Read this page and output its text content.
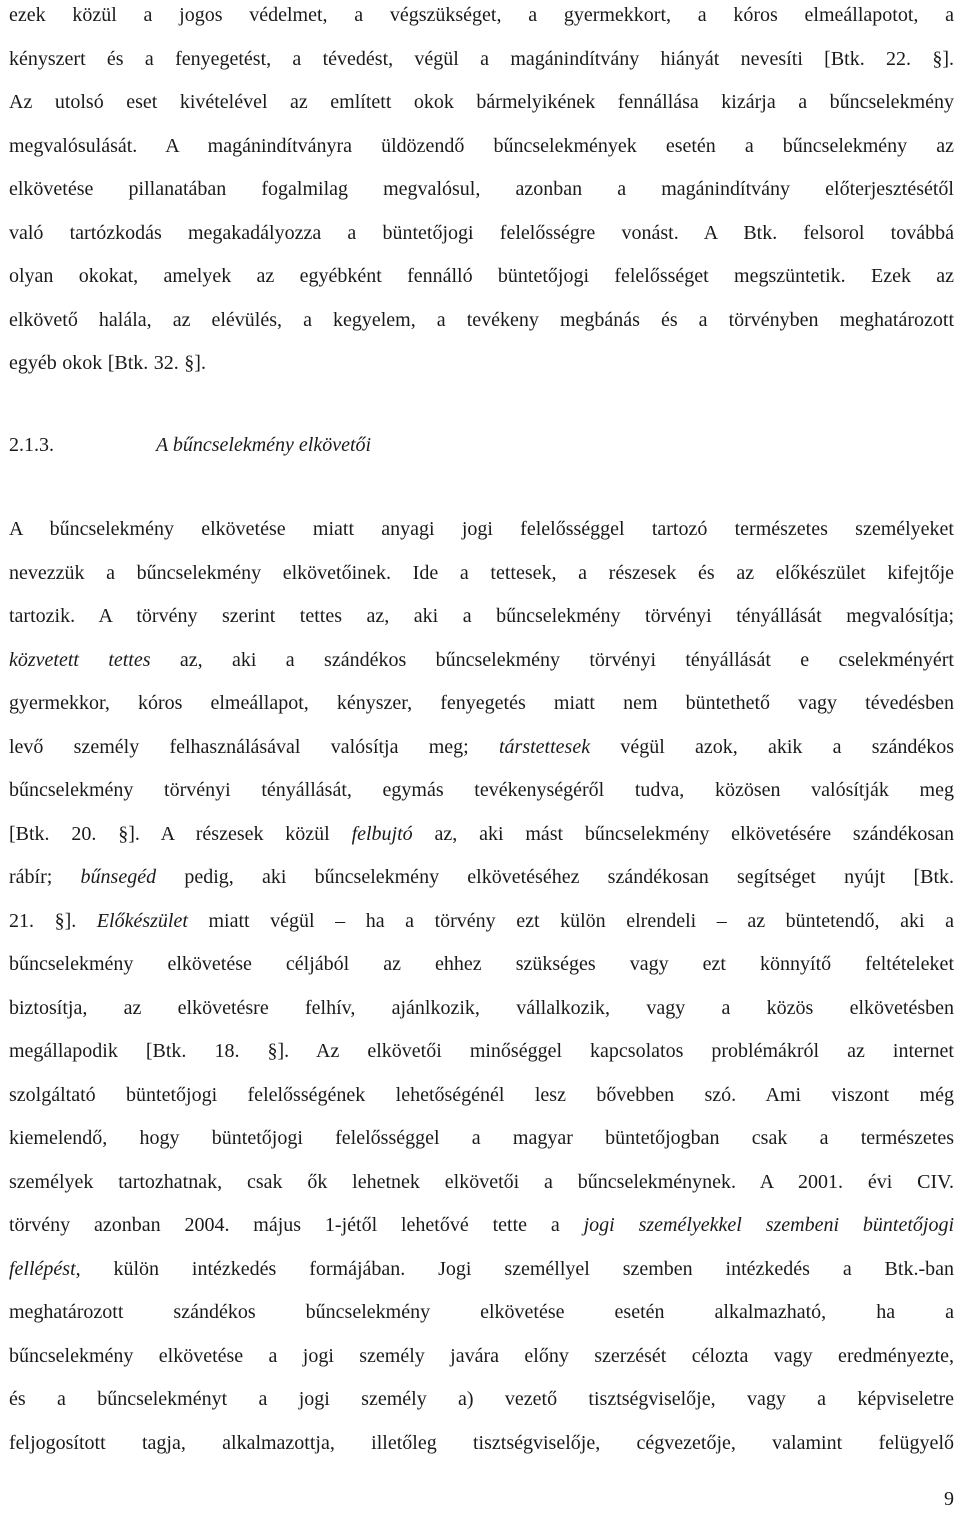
ezek közül a jogos védelmet, a végszükséget, a gyermekkort, a kóros elmeállapotot, a
kényszert és a fenyegetést, a tévedést, végül a magánindítvány hiányát nevesíti [Btk. 22. §].
Az utolsó eset kivételével az említett okok bármelyikének fennállása kizárja a bűncselekmény
megvalósulását. A magánindítványra üldözendő bűncselekmények esetén a bűncselekmény az
elkövetése pillanatában fogalmilag megvalósul, azonban a magánindítvány előterjesztésétől
való tartózkodás megakadályozza a büntetőjogi felelősségre vonást. A Btk. felsorol továbbá
olyan okokat, amelyek az egyébként fennálló büntetőjogi felelősséget megszüntetik. Ezek az
elkövető halála, az elévülés, a kegyelem, a tevékeny megbánás és a törvényben meghatározott
egyéb okok [Btk. 32. §].
2.1.3.	A bűncselekmény elkövetői
A bűncselekmény elkövetése miatt anyagi jogi felelősséggel tartozó természetes személyeket
nevezzük a bűncselekmény elkövetőinek. Ide a tettesek, a részesek és az előkészület kifejtője
tartozik. A törvény szerint tettes az, aki a bűncselekmény törvényi tényállását megvalósítja;
közvetett tettes az, aki a szándékos bűncselekmény törvényi tényállását e cselekményért
gyermekkor, kóros elmeállapot, kényszer, fenyegetés miatt nem büntethető vagy tévedésben
levő személy felhasználásával valósítja meg; társtettesek végül azok, akik a szándékos
bűncselekmény törvényi tényállását, egymás tevékenységéről tudva, közösen valósítják meg
[Btk. 20. §]. A részesek közül felbujtó az, aki mást bűncselekmény elkövetésére szándékosan
rábír; bűnsegéd pedig, aki bűncselekmény elkövetéséhez szándékosan segítséget nyújt [Btk.
21. §]. Előkészület miatt végül – ha a törvény ezt külön elrendeli – az büntetendő, aki a
bűncselekmény elkövetése céljából az ehhez szükséges vagy ezt könnyítő feltételeket
biztosítja, az elkövetésre felhív, ajánlkozik, vállalkozik, vagy a közös elkövetésben
megállapodik [Btk. 18. §]. Az elkövetői minőséggel kapcsolatos problémákról az internet
szolgáltató büntetőjogi felelősségének lehetőségénél lesz bővebben szó. Ami viszont még
kiemelendő, hogy büntetőjogi felelősséggel a magyar büntetőjogban csak a természetes
személyek tartozhatnak, csak ők lehetnek elkövetői a bűncselekménynek. A 2001. évi CIV.
törvény azonban 2004. május 1-jétől lehetővé tette a jogi személyekkel szembeni büntetőjogi
fellépést, külön intézkedés formájában. Jogi személlyel szemben intézkedés a Btk.-ban
meghatározott szándékos bűncselekmény elkövetése esetén alkalmazható, ha a
bűncselekmény elkövetése a jogi személy javára előny szerzését célozta vagy eredményezte,
és a bűncselekményt a jogi személy a) vezető tisztségviselője, vagy a képviseletre
feljogosított tagja, alkalmazottja, illetőleg tisztségviselője, cégvezetője, valamint felügyelő
9
